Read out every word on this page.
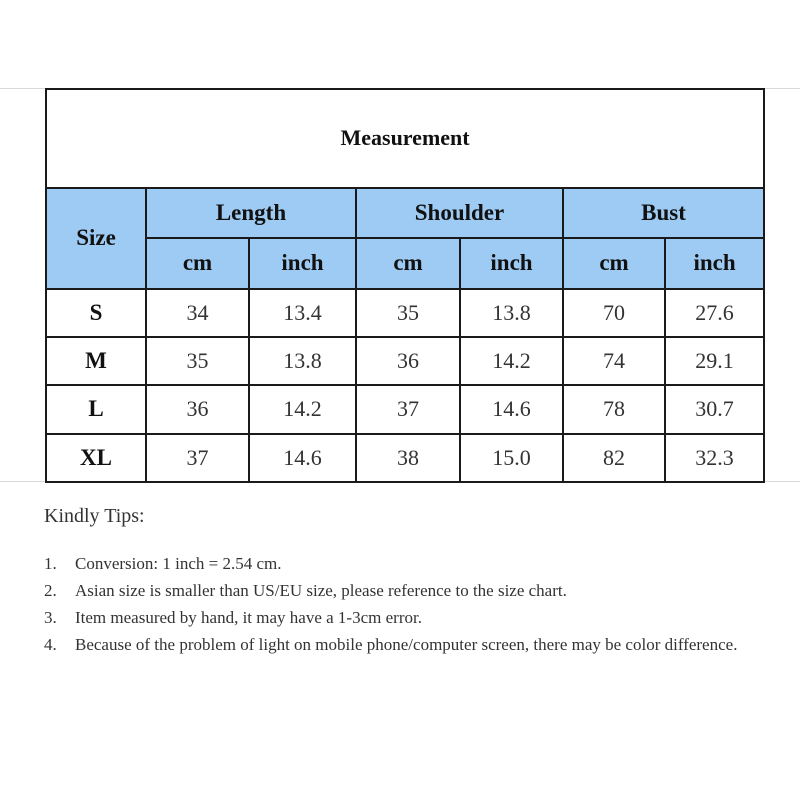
Measurement						
Size	Length		Shoulder		Bust	
	cm	inch	cm	inch	cm	inch
S	34	13.4	35	13.8	70	27.6
M	35	13.8	36	14.2	74	29.1
L	36	14.2	37	14.6	78	30.7
XL	37	14.6	38	15.0	82	32.3
Kindly Tips:
1. Conversion: 1 inch = 2.54 cm.
2. Asian size is smaller than US/EU size, please reference to the size chart.
3. Item measured by hand, it may have a 1-3cm error.
4. Because of the problem of light on mobile phone/computer screen, there may be color difference.
